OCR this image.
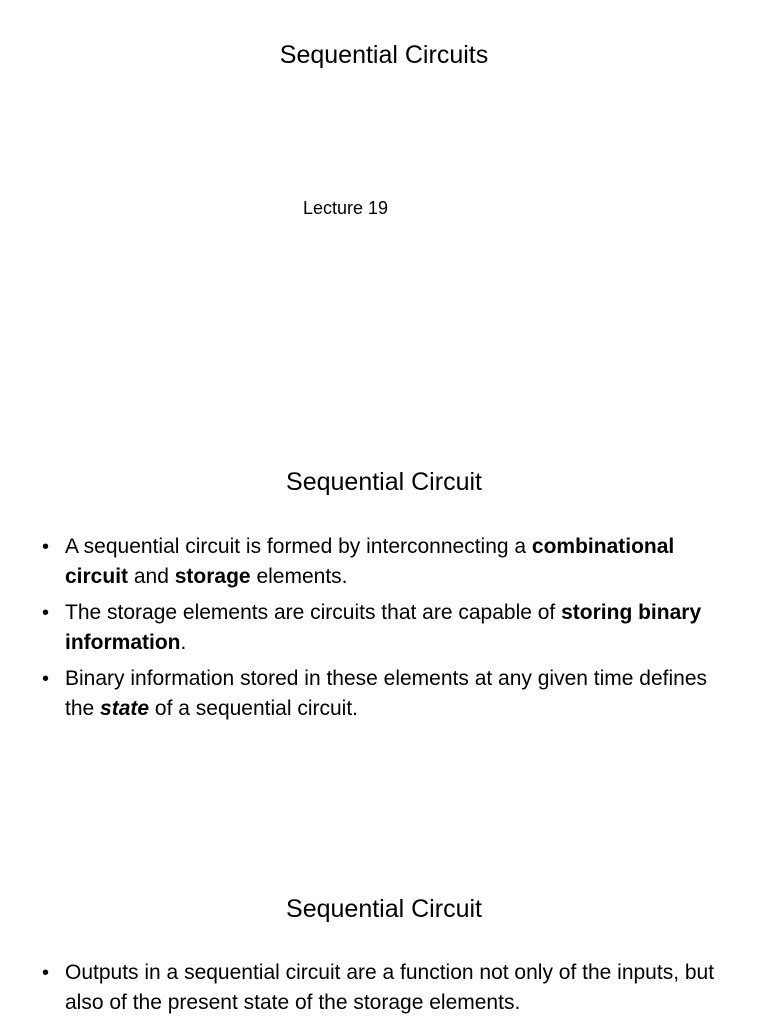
Sequential Circuits
Lecture 19
Sequential Circuit
• A sequential circuit is formed by interconnecting a combinational circuit and storage elements.
• The storage elements are circuits that are capable of storing binary information.
• Binary information stored in these elements at any given time defines the state of a sequential circuit.
Sequential Circuit
• Outputs in a sequential circuit are a function not only of the inputs, but also of the present state of the storage elements.
